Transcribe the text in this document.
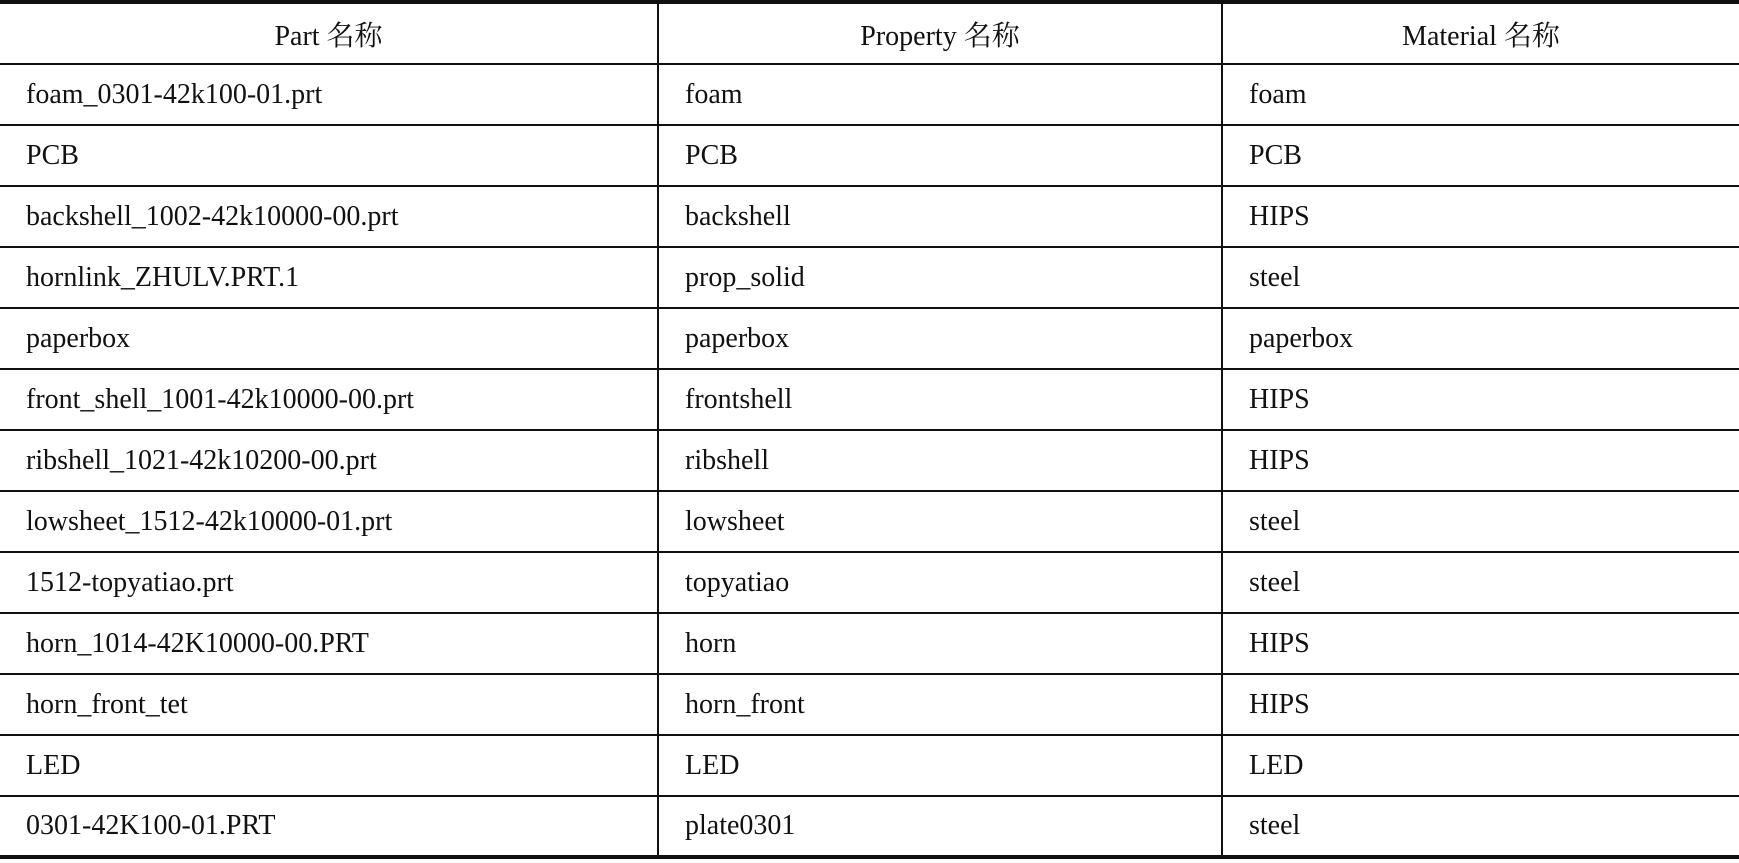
Part 名称	Property 名称	Material 名称
foam_0301-42k100-01.prt	foam	foam
PCB	PCB	PCB
backshell_1002-42k10000-00.prt	backshell	HIPS
hornlink_ZHULV.PRT.1	prop_solid	steel
paperbox	paperbox	paperbox
front_shell_1001-42k10000-00.prt	frontshell	HIPS
ribshell_1021-42k10200-00.prt	ribshell	HIPS
lowsheet_1512-42k10000-01.prt	lowsheet	steel
1512-topyatiao.prt	topyatiao	steel
horn_1014-42K10000-00.PRT	horn	HIPS
horn_front_tet	horn_front	HIPS
LED	LED	LED
0301-42K100-01.PRT	plate0301	steel
